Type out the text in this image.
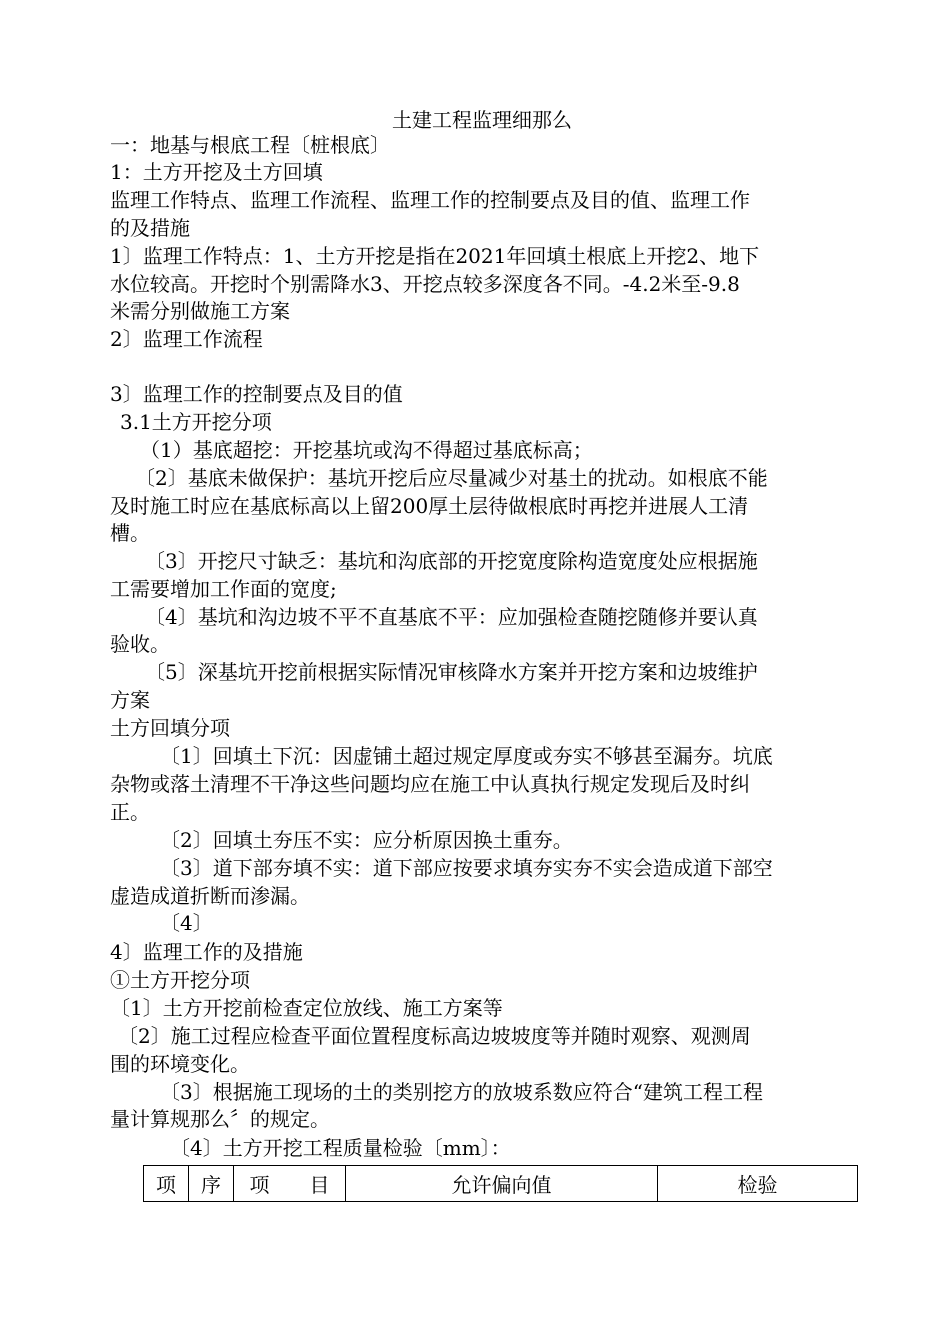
土建工程监理细那么
一：地基与根底工程〔桩根底〕
1：土方开挖及土方回填
监理工作特点、监理工作流程、监理工作的控制要点及目的值、监理工作
的及措施
1〕监理工作特点：1、土方开挖是指在2021年回填土根底上开挖2、地下
水位较高。开挖时个别需降水3、开挖点较多深度各不同。-4.2米至-9.8
米需分别做施工方案
2〕监理工作流程
3〕监理工作的控制要点及目的值
3.1土方开挖分项
（1）基底超挖：开挖基坑或沟不得超过基底标高；
〔2〕基底未做保护：基坑开挖后应尽量减少对基土的扰动。如根底不能
及时施工时应在基底标高以上留200厚土层待做根底时再挖并进展人工清
槽。
〔3〕开挖尺寸缺乏：基坑和沟底部的开挖宽度除构造宽度处应根据施
工需要增加工作面的宽度;
〔4〕基坑和沟边坡不平不直基底不平：应加强检查随挖随修并要认真
验收。
〔5〕深基坑开挖前根据实际情况审核降水方案并开挖方案和边坡维护
方案
土方回填分项
〔1〕回填土下沉：因虚铺土超过规定厚度或夯实不够甚至漏夯。坑底
杂物或落土清理不干净这些问题均应在施工中认真执行规定发现后及时纠
正。
〔2〕回填土夯压不实：应分析原因换土重夯。
〔3〕道下部夯填不实：道下部应按要求填夯实夯不实会造成道下部空
虚造成道折断而渗漏。
〔4〕
4〕监理工作的及措施
①土方开挖分项
〔1〕土方开挖前检查定位放线、施工方案等
〔2〕施工过程应检查平面位置程度标高边坡坡度等并随时观察、观测周
围的环境变化。
〔3〕根据施工现场的土的类别挖方的放坡系数应符合“建筑工程工程
量计算规那么〞的规定。
〔4〕土方开挖工程质量检验〔mm〕：
项	序	项　　目	允许偏向值	检验
